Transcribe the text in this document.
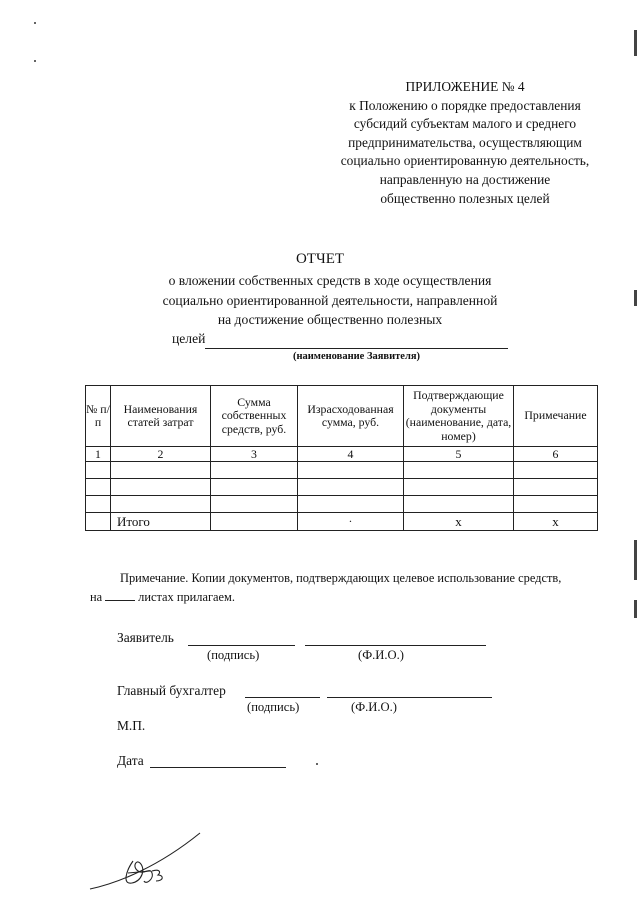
ПРИЛОЖЕНИЕ № 4
к Положению о порядке предоставления
субсидий субъектам малого и среднего
предпринимательства, осуществляющим
социально ориентированную деятельность,
направленную на достижение
общественно полезных целей
ОТЧЕТ
о вложении собственных средств в ходе осуществления
социально ориентированной деятельности, направленной
на достижение общественно полезных
целей
(наименование Заявителя)
№ п/п	Наименования статей затрат	Сумма собственных средств, руб.	Израсходованная сумма, руб.	Подтверждающие документы (наименование, дата, номер)	Примечание
1	2	3	4	5	6

	Итого		·	х	х
Примечание. Копии документов, подтверждающих целевое использование средств,
на	листах прилагаем.
Заявитель
(подпись)	(Ф.И.О.)
Главный бухгалтер
(подпись)	(Ф.И.О.)
М.П.
Дата
